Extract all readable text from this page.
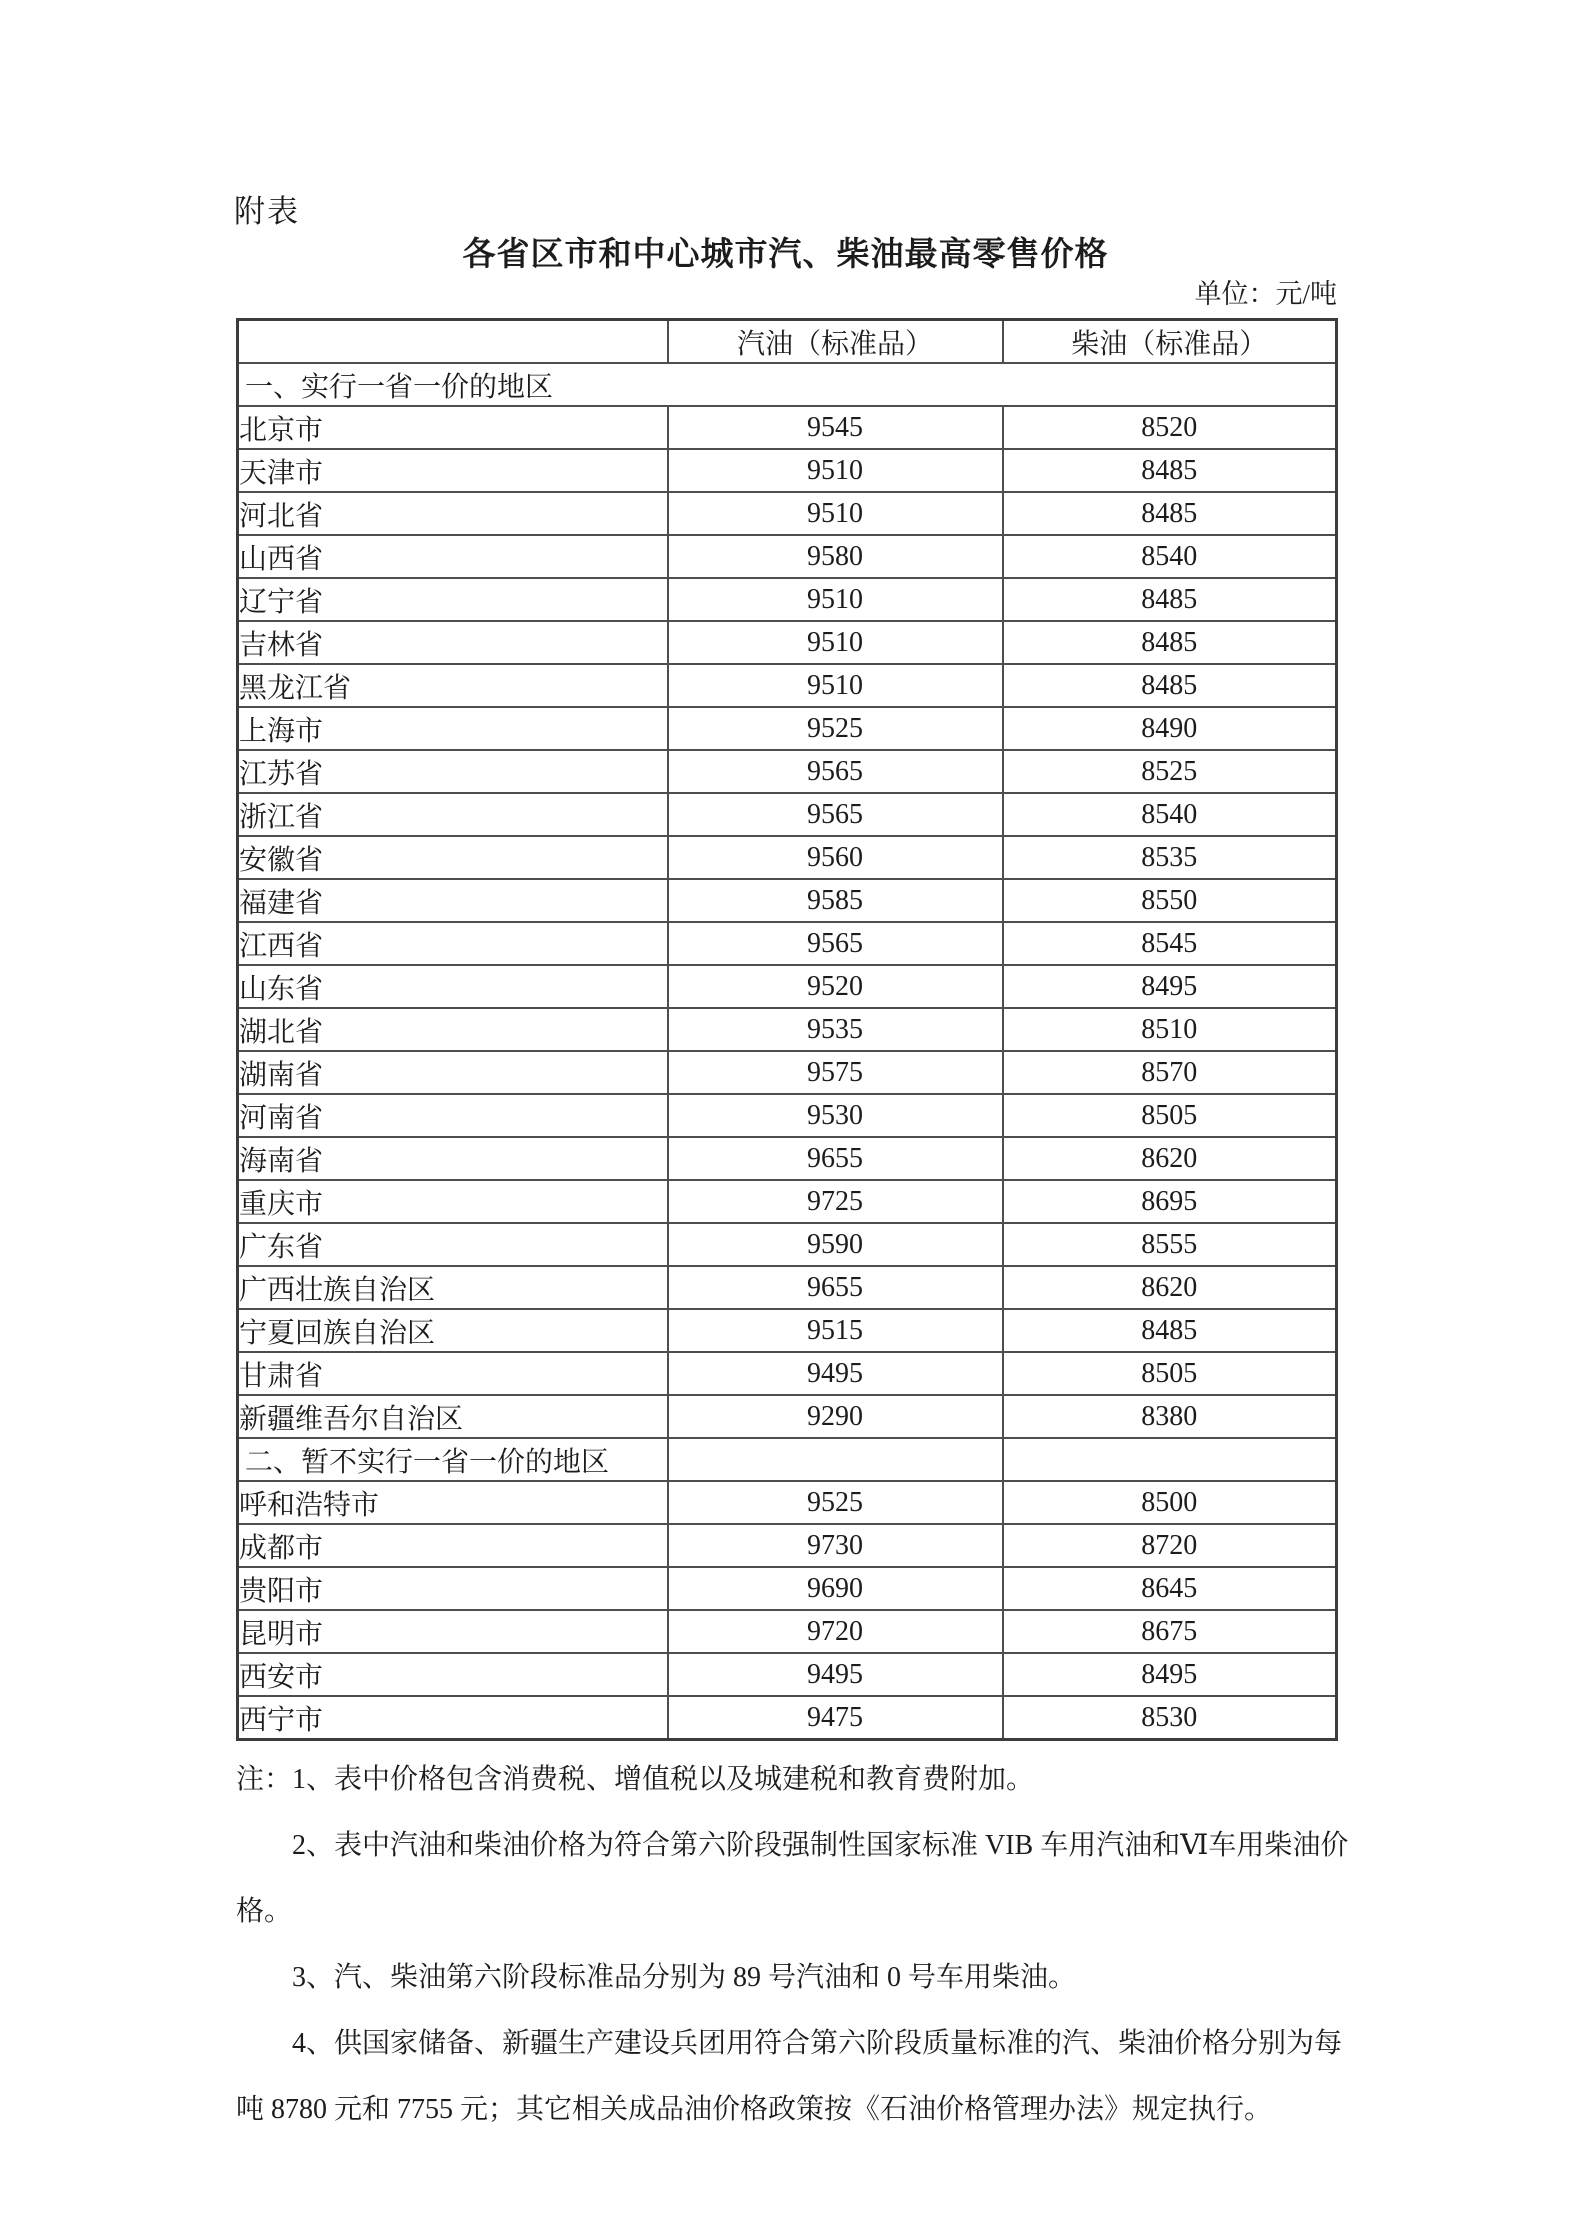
附表
各省区市和中心城市汽、柴油最高零售价格
单位：元/吨
	汽油（标准品）	柴油（标准品）
一、实行一省一价的地区		
北京市	9545	8520
天津市	9510	8485
河北省	9510	8485
山西省	9580	8540
辽宁省	9510	8485
吉林省	9510	8485
黑龙江省	9510	8485
上海市	9525	8490
江苏省	9565	8525
浙江省	9565	8540
安徽省	9560	8535
福建省	9585	8550
江西省	9565	8545
山东省	9520	8495
湖北省	9535	8510
湖南省	9575	8570
河南省	9530	8505
海南省	9655	8620
重庆市	9725	8695
广东省	9590	8555
广西壮族自治区	9655	8620
宁夏回族自治区	9515	8485
甘肃省	9495	8505
新疆维吾尔自治区	9290	8380
二、暂不实行一省一价的地区		
呼和浩特市	9525	8500
成都市	9730	8720
贵阳市	9690	8645
昆明市	9720	8675
西安市	9495	8495
西宁市	9475	8530
注：1、表中价格包含消费税、增值税以及城建税和教育费附加。
2、表中汽油和柴油价格为符合第六阶段强制性国家标准 VIB 车用汽油和Ⅵ车用柴油价
格。
3、汽、柴油第六阶段标准品分别为 89 号汽油和 0 号车用柴油。
4、供国家储备、新疆生产建设兵团用符合第六阶段质量标准的汽、柴油价格分别为每
吨 8780 元和 7755 元；其它相关成品油价格政策按《石油价格管理办法》规定执行。
